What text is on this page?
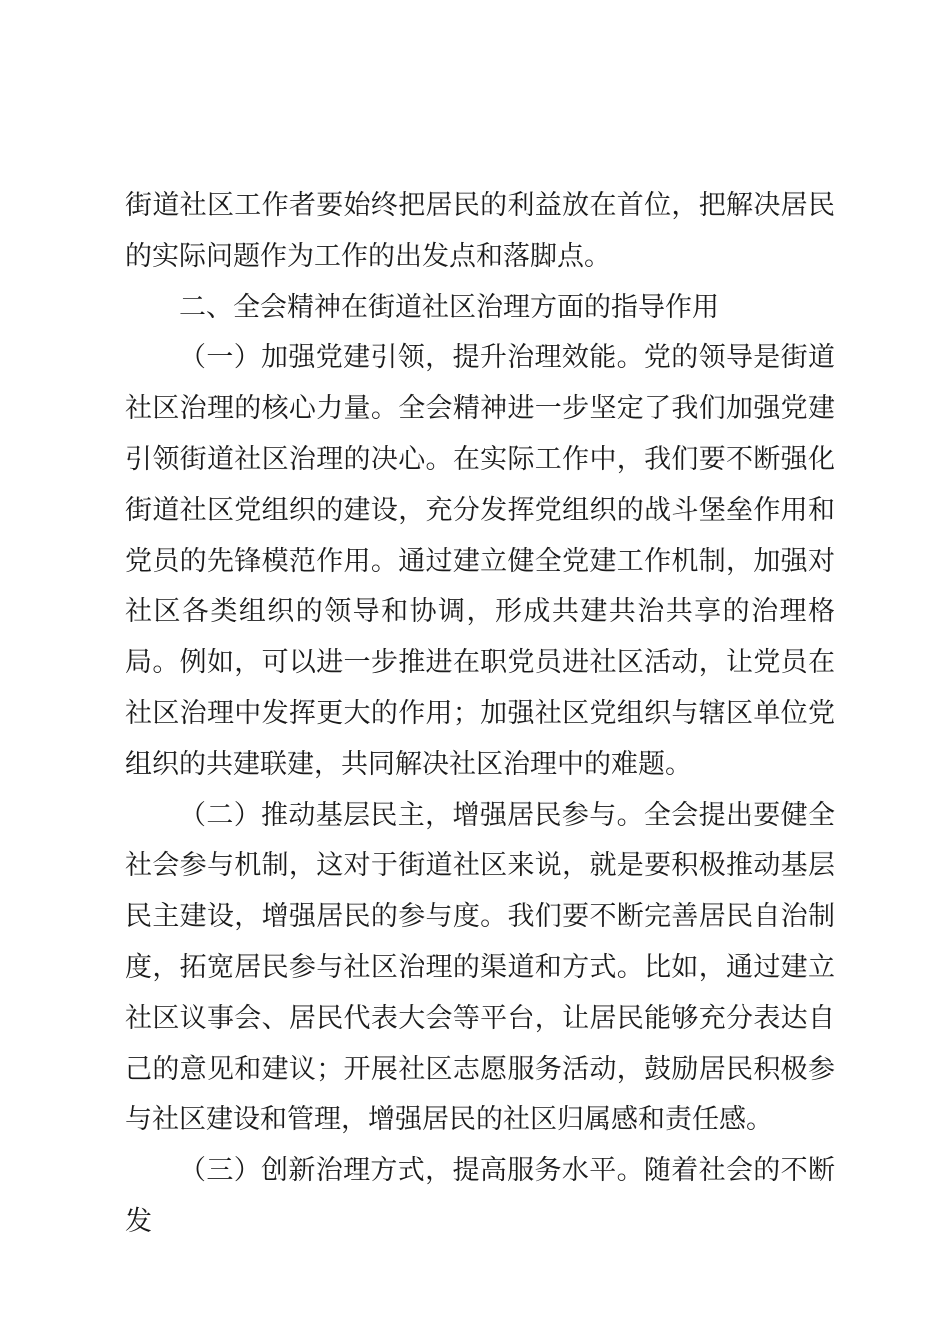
街道社区工作者要始终把居民的利益放在首位，把解决居民的实际问题作为工作的出发点和落脚点。

二、全会精神在街道社区治理方面的指导作用

（一）加强党建引领，提升治理效能。党的领导是街道社区治理的核心力量。全会精神进一步坚定了我们加强党建引领街道社区治理的决心。在实际工作中，我们要不断强化街道社区党组织的建设，充分发挥党组织的战斗堡垒作用和党员的先锋模范作用。通过建立健全党建工作机制，加强对社区各类组织的领导和协调，形成共建共治共享的治理格局。例如，可以进一步推进在职党员进社区活动，让党员在社区治理中发挥更大的作用；加强社区党组织与辖区单位党组织的共建联建，共同解决社区治理中的难题。

（二）推动基层民主，增强居民参与。全会提出要健全社会参与机制，这对于街道社区来说，就是要积极推动基层民主建设，增强居民的参与度。我们要不断完善居民自治制度，拓宽居民参与社区治理的渠道和方式。比如，通过建立社区议事会、居民代表大会等平台，让居民能够充分表达自己的意见和建议；开展社区志愿服务活动，鼓励居民积极参与社区建设和管理，增强居民的社区归属感和责任感。

（三）创新治理方式，提高服务水平。随着社会的不断发
